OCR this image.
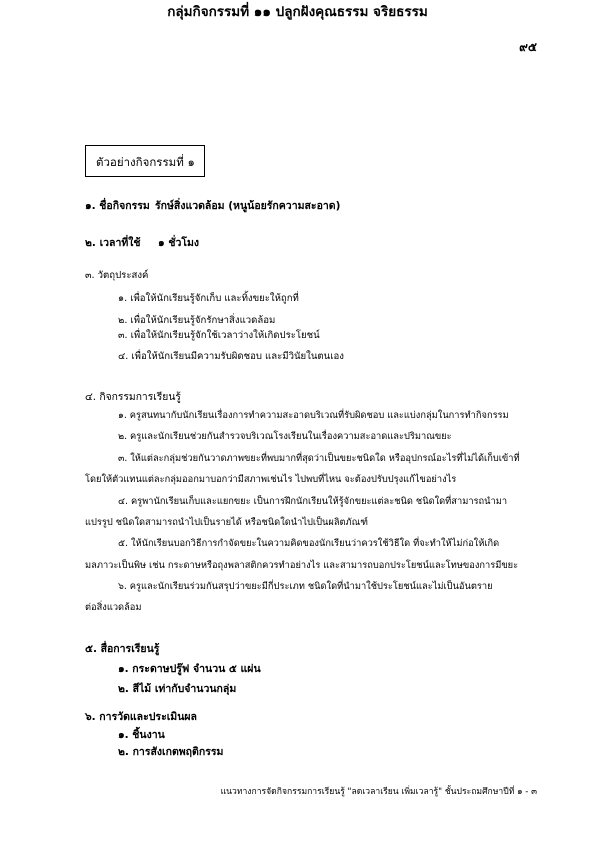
๙๕
กลุ่มกิจกรรมที่ ๑๑ ปลูกฝังคุณธรรม จริยธรรม
ตัวอย่างกิจกรรมที่ ๑
๑. ชื่อกิจกรรม รักษ์สิ่งแวดล้อม (หนูน้อยรักความสะอาด)
๒. เวลาที่ใช้ ๑ ชั่วโมง
๓. วัตถุประสงค์
๑. เพื่อให้นักเรียนรู้จักเก็บ และทิ้งขยะให้ถูกที่
๒. เพื่อให้นักเรียนรู้จักรักษาสิ่งแวดล้อม
๓. เพื่อให้นักเรียนรู้จักใช้เวลาว่างให้เกิดประโยชน์
๔. เพื่อให้นักเรียนมีความรับผิดชอบ และมีวินัยในตนเอง
๔. กิจกรรมการเรียนรู้
๑. ครูสนทนากับนักเรียนเรื่องการทำความสะอาดบริเวณที่รับผิดชอบ และแบ่งกลุ่มในการทำกิจกรรม
๒. ครูและนักเรียนช่วยกันสำรวจบริเวณโรงเรียนในเรื่องความสะอาดและปริมาณขยะ
๓. ให้แต่ละกลุ่มช่วยกันวาดภาพขยะที่พบมากที่สุดว่าเป็นขยะชนิดใด หรืออุปกรณ์อะไรที่ไม่ได้เก็บเข้าที่
โดยให้ตัวแทนแต่ละกลุ่มออกมาบอกว่ามีสภาพเช่นไร ไปพบที่ไหน จะต้องปรับปรุงแก้ไขอย่างไร
๔. ครูพานักเรียนเก็บและแยกขยะ เป็นการฝึกนักเรียนให้รู้จักขยะแต่ละชนิด ชนิดใดที่สามารถนำมา
แปรรูป ชนิดใดสามารถนำไปเป็นรายได้ หรือชนิดใดนำไปเป็นผลิตภัณฑ์
๕. ให้นักเรียนบอกวิธีการกำจัดขยะในความคิดของนักเรียนว่าควรใช้วิธีใด ที่จะทำให้ไม่ก่อให้เกิด
มลภาวะเป็นพิษ เช่น กระดาษหรือถุงพลาสติกควรทำอย่างไร และสามารถบอกประโยชน์และโทษของการมีขยะ
๖. ครูและนักเรียนร่วมกันสรุปว่าขยะมีกี่ประเภท ชนิดใดที่นำมาใช้ประโยชน์และไม่เป็นอันตราย
ต่อสิ่งแวดล้อม
๕. สื่อการเรียนรู้
๑. กระดาษปรู๊ฟ จำนวน ๕ แผ่น
๒. สีไม้ เท่ากับจำนวนกลุ่ม
๖. การวัดและประเมินผล
๑. ชิ้นงาน
๒. การสังเกตพฤติกรรม
แนวทางการจัดกิจกรรมการเรียนรู้ "ลดเวลาเรียน เพิ่มเวลารู้" ชั้นประถมศึกษาปีที่ ๑ - ๓
